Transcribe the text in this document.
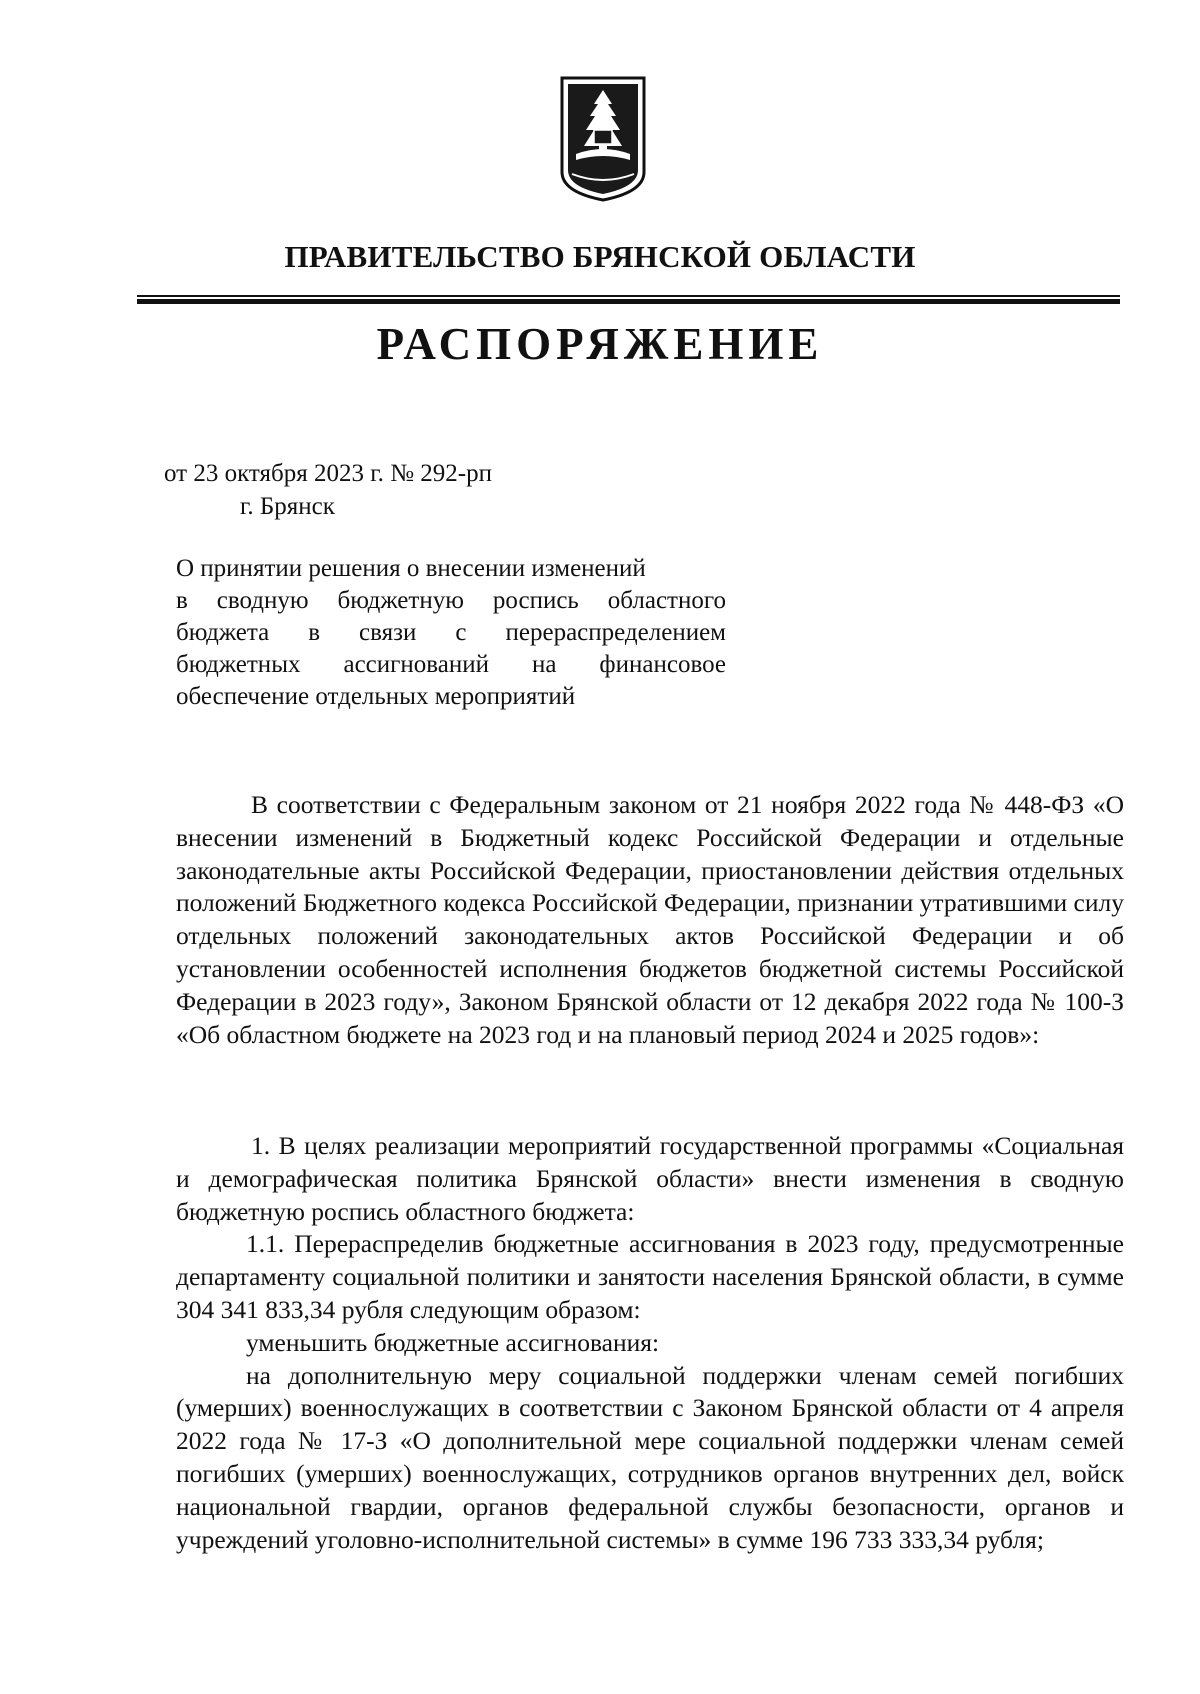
ПРАВИТЕЛЬСТВО БРЯНСКОЙ ОБЛАСТИ
РАСПОРЯЖЕНИЕ
от 23 октября 2023 г. № 292-рп
г. Брянск
О принятии решения о внесении изменений
в сводную бюджетную роспись областного
бюджета в связи с перераспределением
бюджетных ассигнований на финансовое
обеспечение отдельных мероприятий

В соответствии с Федеральным законом от 21 ноября 2022 года № 448-ФЗ «О внесении изменений в Бюджетный кодекс Российской Федерации и отдельные законодательные акты Российской Федерации, приостановлении действия отдельных положений Бюджетного кодекса Российской Федерации, признании утратившими силу отдельных положений законодательных актов Российской Федерации и об установлении особенностей исполнения бюджетов бюджетной системы Российской Федерации в 2023 году», Законом Брянской области от 12 декабря 2022 года № 100-З «Об областном бюджете на 2023 год и на плановый период 2024 и 2025 годов»:

1. В целях реализации мероприятий государственной программы «Социальная и демографическая политика Брянской области» внести изменения в сводную бюджетную роспись областного бюджета:

1.1. Перераспределив бюджетные ассигнования в 2023 году, предусмотренные департаменту социальной политики и занятости населения Брянской области, в сумме 304 341 833,34 рубля следующим образом:

уменьшить бюджетные ассигнования:

на дополнительную меру социальной поддержки членам семей погибших (умерших) военнослужащих в соответствии с Законом Брянской области от 4 апреля 2022 года № 17-З «О дополнительной мере социальной поддержки членам семей погибших (умерших) военнослужащих, сотрудников органов внутренних дел, войск национальной гвардии, органов федеральной службы безопасности, органов и учреждений уголовно-исполнительной системы» в сумме 196 733 333,34 рубля;
